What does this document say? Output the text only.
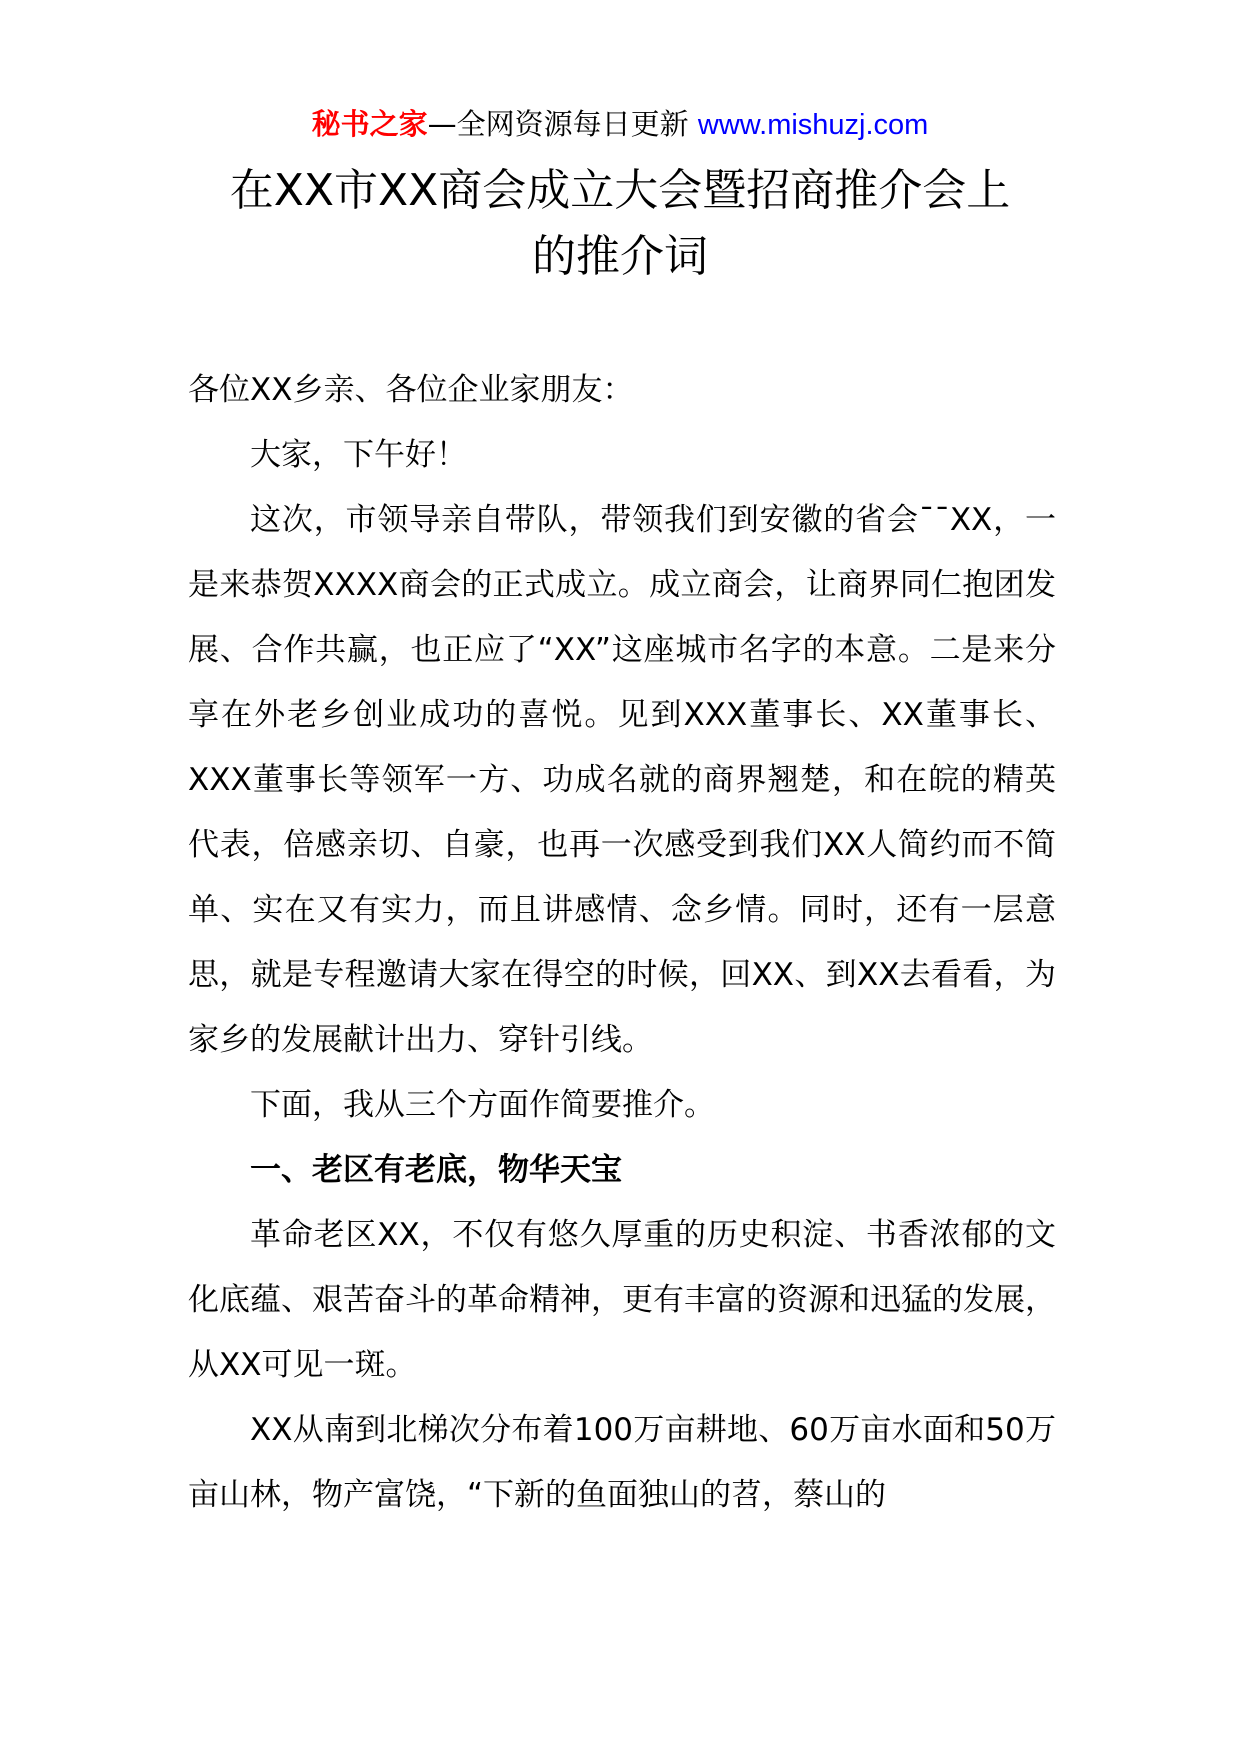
秘书之家—全网资源每日更新 www.mishuzj.com
在XX市XX商会成立大会暨招商推介会上
的推介词

各位XX乡亲、各位企业家朋友：

大家，下午好！

这次，市领导亲自带队，带领我们到安徽的省会¯¯XX，一是来恭贺XXXX商会的正式成立。成立商会，让商界同仁抱团发展、合作共赢，也正应了“XX”这座城市名字的本意。二是来分享在外老乡创业成功的喜悦。见到XXX董事长、XX董事长、XXX董事长等领军一方、功成名就的商界翘楚，和在皖的精英代表，倍感亲切、自豪，也再一次感受到我们XX人简约而不简单、实在又有实力，而且讲感情、念乡情。同时，还有一层意思，就是专程邀请大家在得空的时候，回XX、到XX去看看，为家乡的发展献计出力、穿针引线。

下面，我从三个方面作简要推介。

一、老区有老底，物华天宝

革命老区XX，不仅有悠久厚重的历史积淀、书香浓郁的文化底蕴、艰苦奋斗的革命精神，更有丰富的资源和迅猛的发展，从XX可见一斑。

XX从南到北梯次分布着100万亩耕地、60万亩水面和50万亩山林，物产富饶，“下新的鱼面独山的苕，蔡山的
